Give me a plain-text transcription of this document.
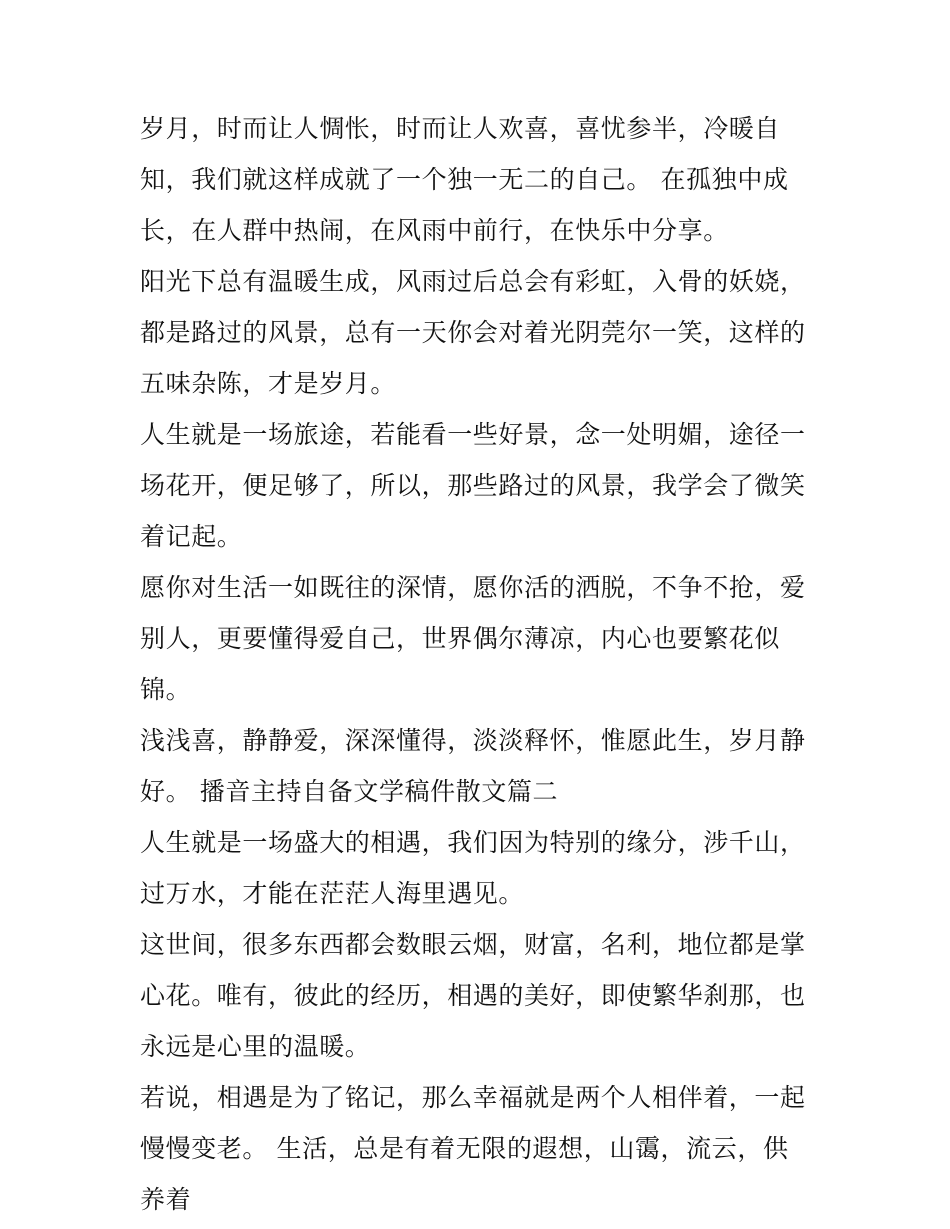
岁月，时而让人惆怅，时而让人欢喜，喜忧参半，冷暖自知，我们就这样成就了一个独一无二的自己。 在孤独中成长，在人群中热闹，在风雨中前行，在快乐中分享。

阳光下总有温暖生成，风雨过后总会有彩虹，入骨的妖娆，都是路过的风景，总有一天你会对着光阴莞尔一笑，这样的五味杂陈，才是岁月。

人生就是一场旅途，若能看一些好景，念一处明媚，途径一场花开，便足够了，所以，那些路过的风景，我学会了微笑着记起。

愿你对生活一如既往的深情，愿你活的洒脱，不争不抢，爱别人，更要懂得爱自己，世界偶尔薄凉，内心也要繁花似锦。

浅浅喜，静静爱，深深懂得，淡淡释怀，惟愿此生，岁月静好。 播音主持自备文学稿件散文篇二

人生就是一场盛大的相遇，我们因为特别的缘分，涉千山，过万水，才能在茫茫人海里遇见。

这世间，很多东西都会数眼云烟，财富，名利，地位都是掌心花。唯有，彼此的经历，相遇的美好，即使繁华刹那，也永远是心里的温暖。

若说，相遇是为了铭记，那么幸福就是两个人相伴着，一起慢慢变老。 生活，总是有着无限的遐想，山霭，流云，供养着
